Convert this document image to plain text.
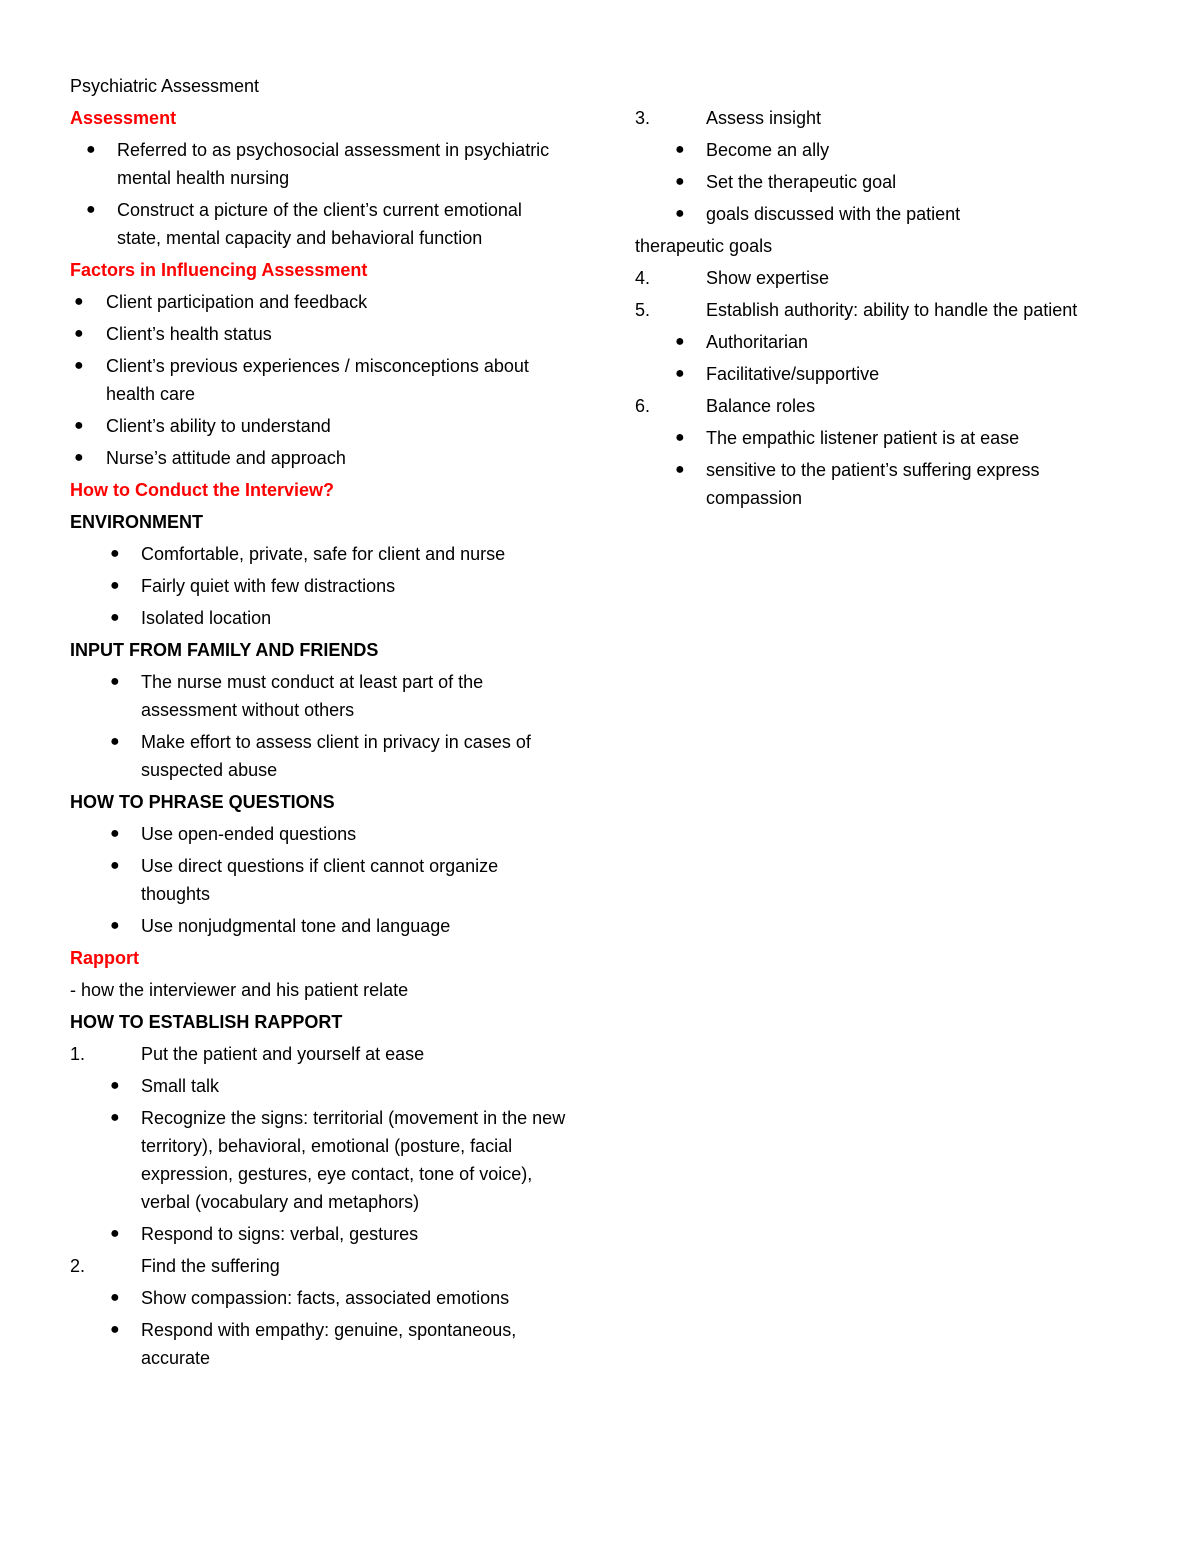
Psychiatric Assessment
Assessment
● Referred to as psychosocial assessment in psychiatric mental health nursing
● Construct a picture of the client’s current emotional state, mental capacity and behavioral function
Factors in Influencing Assessment
● Client participation and feedback
● Client’s health status
● Client’s previous experiences / misconceptions about health care
● Client’s ability to understand
● Nurse’s attitude and approach
How to Conduct the Interview?
ENVIRONMENT
● Comfortable, private, safe for client and nurse
● Fairly quiet with few distractions
● Isolated location
INPUT FROM FAMILY AND FRIENDS
● The nurse must conduct at least part of the assessment without others
● Make effort to assess client in privacy in cases of suspected abuse
HOW TO PHRASE QUESTIONS
● Use open-ended questions
● Use direct questions if client cannot organize thoughts
● Use nonjudgmental tone and language
Rapport
- how the interviewer and his patient relate
HOW TO ESTABLISH RAPPORT
1.	Put the patient and yourself at ease
● Small talk
● Recognize the signs: territorial (movement in the new territory), behavioral, emotional (posture, facial expression, gestures, eye contact, tone of voice), verbal (vocabulary and metaphors)
● Respond to signs: verbal, gestures
2.	Find the suffering
● Show compassion: facts, associated emotions
● Respond with empathy: genuine, spontaneous, accurate
3.	Assess insight
● Become an ally
● Set the therapeutic goal
● goals discussed with the patient
therapeutic goals
4.	Show expertise
5.	Establish authority: ability to handle the patient
● Authoritarian
● Facilitative/supportive
6.	Balance roles
● The empathic listener patient is at ease
● sensitive to the patient’s suffering express compassion
